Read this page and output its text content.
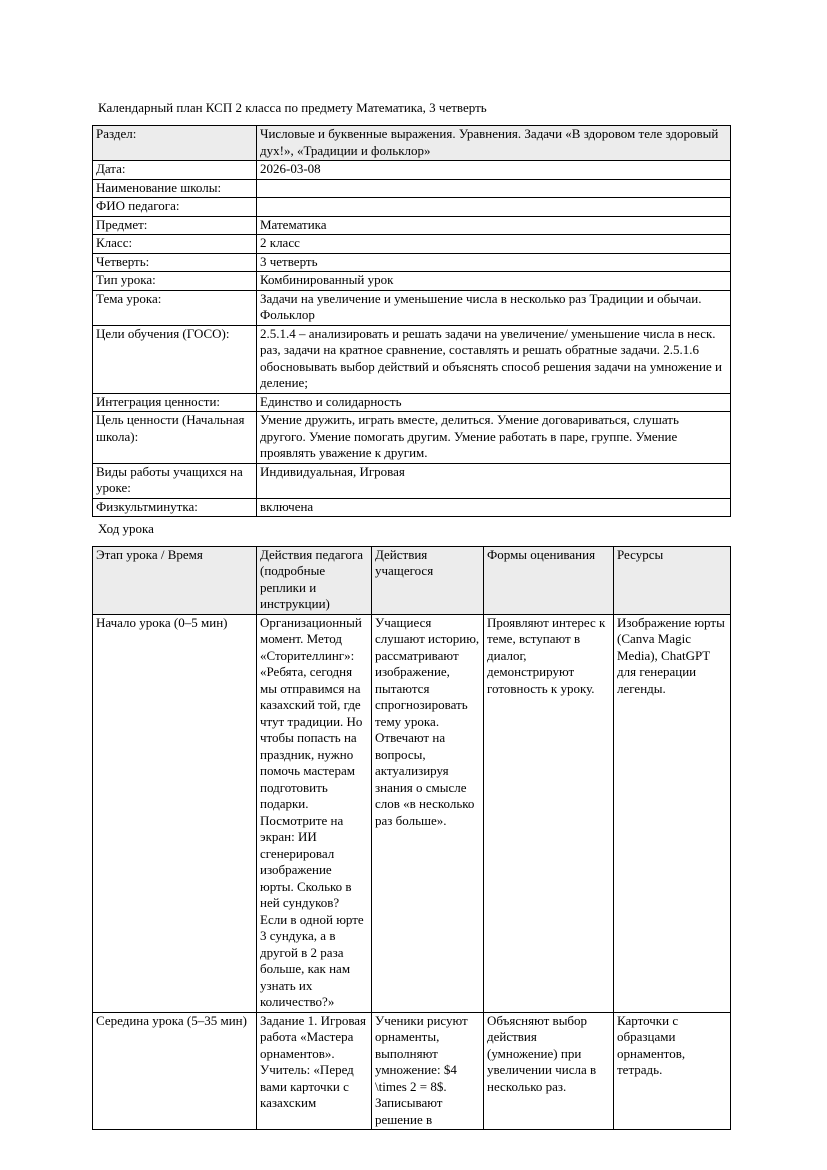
Календарный план КСП 2 класса по предмету Математика, 3 четверть

Раздел:	Числовые и буквенные выражения. Уравнения. Задачи «В здоровом теле здоровый дух!», «Традиции и фольклор»
Дата:	2026-03-08
Наименование школы:	
ФИО педагога:	
Предмет:	Математика
Класс:	2 класс
Четверть:	3 четверть
Тип урока:	Комбинированный урок
Тема урока:	Задачи на увеличение и уменьшение числа в несколько раз Традиции и обычаи. Фольклор
Цели обучения (ГОСО):	2.5.1.4 – анализировать и решать задачи на увеличение/ уменьшение числа в неск. раз, задачи на кратное сравнение, составлять и решать обратные задачи. 2.5.1.6 обосновывать выбор действий и объяснять способ решения задачи на умножение и деление;
Интеграция ценности:	Единство и солидарность
Цель ценности (Начальная школа):	Умение дружить, играть вместе, делиться. Умение договариваться, слушать другого. Умение помогать другим. Умение работать в паре, группе. Умение проявлять уважение к другим.
Виды работы учащихся на уроке:	Индивидуальная, Игровая
Физкультминутка:	включена

Ход урока

Этап урока / Время	Действия педагога (подробные реплики и инструкции)	Действия учащегося	Формы оценивания	Ресурсы
Начало урока (0–5 мин)	Организационный момент. Метод «Сторителлинг»: «Ребята, сегодня мы отправимся на казахский той, где чтут традиции. Но чтобы попасть на праздник, нужно помочь мастерам подготовить подарки. Посмотрите на экран: ИИ сгенерировал изображение юрты. Сколько в ней сундуков? Если в одной юрте 3 сундука, а в другой в 2 раза больше, как нам узнать их количество?»	Учащиеся слушают историю, рассматривают изображение, пытаются спрогнозировать тему урока. Отвечают на вопросы, актуализируя знания о смысле слов «в несколько раз больше».	Проявляют интерес к теме, вступают в диалог, демонстрируют готовность к уроку.	Изображение юрты (Canva Magic Media), ChatGPT для генерации легенды.
Середина урока (5–35 мин)	Задание 1. Игровая работа «Мастера орнаментов». Учитель: «Перед вами карточки с казахским	Ученики рисуют орнаменты, выполняют умножение: $4 \times 2 = 8$. Записывают решение в	Объясняют выбор действия (умножение) при увеличении числа в несколько раз.	Карточки с образцами орнаментов, тетрадь.
